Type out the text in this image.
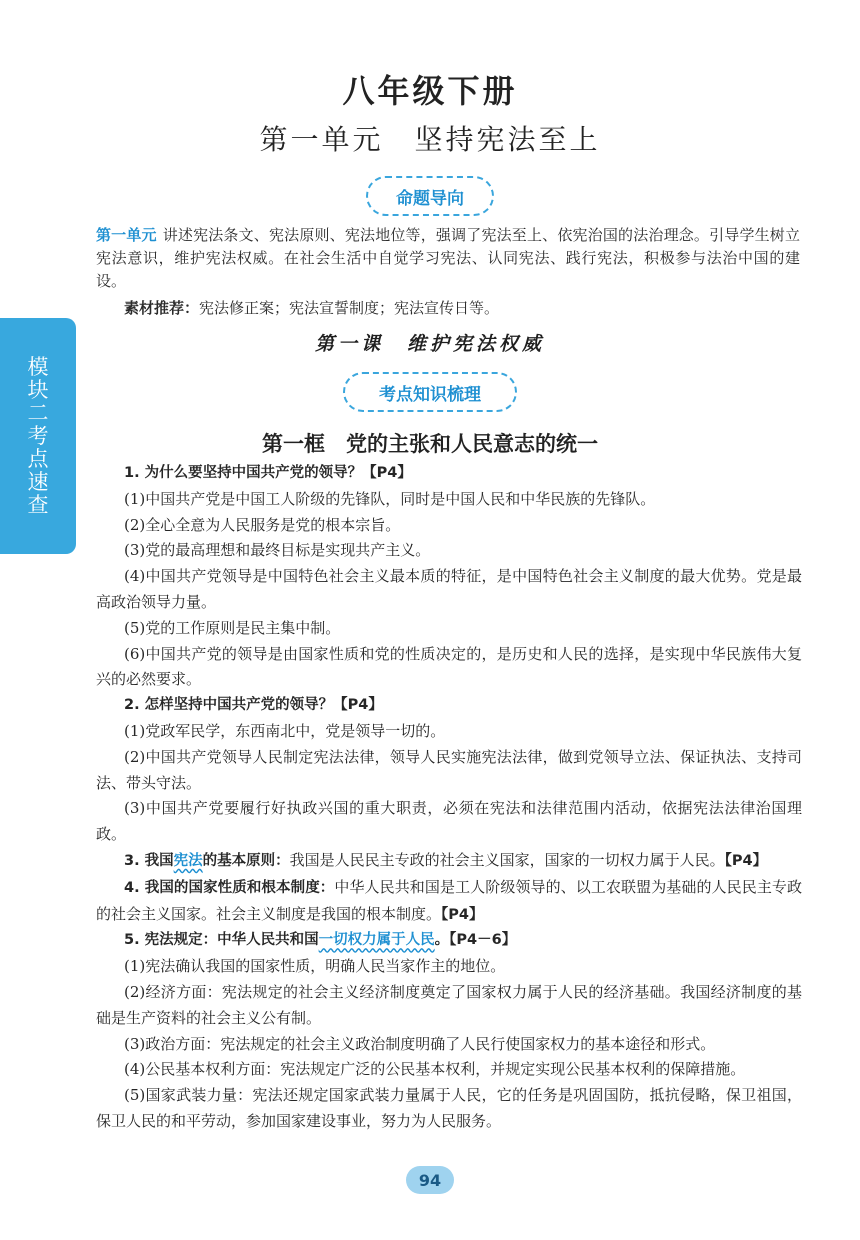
八年级下册
第一单元　坚持宪法至上
命题导向
第一单元 讲述宪法条文、宪法原则、宪法地位等，强调了宪法至上、依宪治国的法治理念。引导学生树立宪法意识，维护宪法权威。在社会生活中自觉学习宪法、认同宪法、践行宪法，积极参与法治中国的建设。
素材推荐：宪法修正案；宪法宣誓制度；宪法宣传日等。
第一课　维护宪法权威
模块二　考点速查
考点知识梳理
第一框　党的主张和人民意志的统一

1. 为什么要坚持中国共产党的领导？【P4】

(1)中国共产党是中国工人阶级的先锋队，同时是中国人民和中华民族的先锋队。

(2)全心全意为人民服务是党的根本宗旨。

(3)党的最高理想和最终目标是实现共产主义。

(4)中国共产党领导是中国特色社会主义最本质的特征，是中国特色社会主义制度的最大优势。党是最高政治领导力量。

(5)党的工作原则是民主集中制。

(6)中国共产党的领导是由国家性质和党的性质决定的，是历史和人民的选择，是实现中华民族伟大复兴的必然要求。

2. 怎样坚持中国共产党的领导？【P4】

(1)党政军民学，东西南北中，党是领导一切的。

(2)中国共产党领导人民制定宪法法律，领导人民实施宪法法律，做到党领导立法、保证执法、支持司法、带头守法。

(3)中国共产党要履行好执政兴国的重大职责，必须在宪法和法律范围内活动，依据宪法法律治国理政。

3. 我国宪法的基本原则：我国是人民民主专政的社会主义国家，国家的一切权力属于人民。【P4】

4. 我国的国家性质和根本制度：中华人民共和国是工人阶级领导的、以工农联盟为基础的人民民主专政的社会主义国家。社会主义制度是我国的根本制度。【P4】

5. 宪法规定：中华人民共和国一切权力属于人民。【P4－6】

(1)宪法确认我国的国家性质，明确人民当家作主的地位。

(2)经济方面：宪法规定的社会主义经济制度奠定了国家权力属于人民的经济基础。我国经济制度的基础是生产资料的社会主义公有制。

(3)政治方面：宪法规定的社会主义政治制度明确了人民行使国家权力的基本途径和形式。

(4)公民基本权利方面：宪法规定广泛的公民基本权利，并规定实现公民基本权利的保障措施。

(5)国家武装力量：宪法还规定国家武装力量属于人民，它的任务是巩固国防，抵抗侵略，保卫祖国，保卫人民的和平劳动，参加国家建设事业，努力为人民服务。

94
